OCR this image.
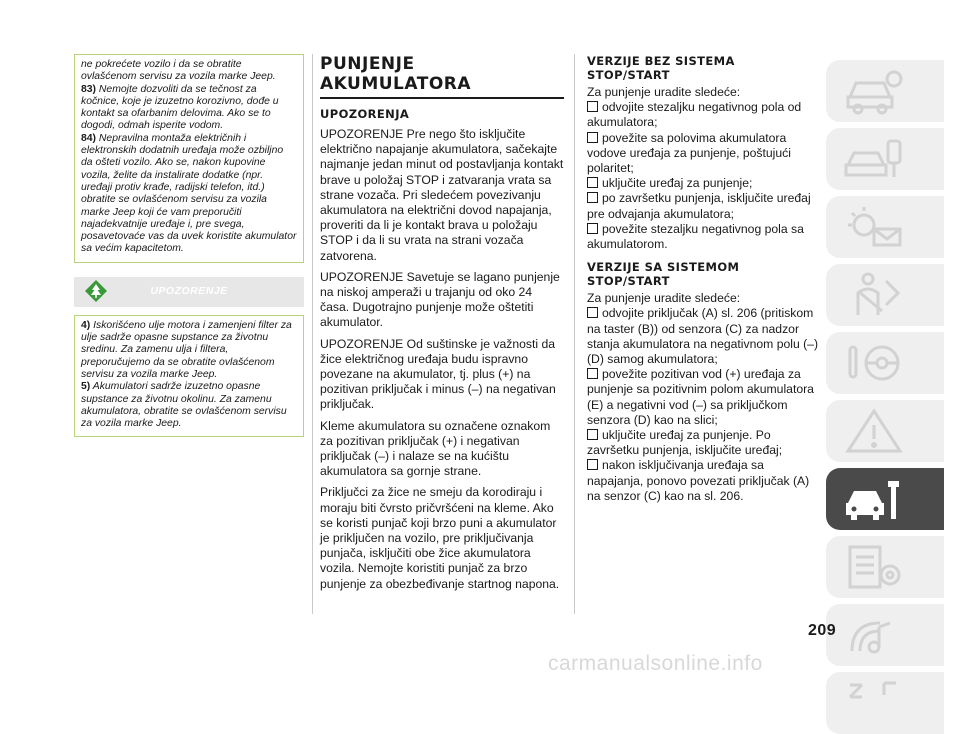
ne pokrećete vozilo i da se obratite ovlašćenom servisu za vozila marke Jeep.

83) Nemojte dozvoliti da se tečnost za kočnice, koje je izuzetno korozivno, dođe u kontakt sa ofarbanim delovima. Ako se to dogodi, odmah isperite vodom.

84) Nepravilna montaža električnih i elektronskih dodatnih uređaja može ozbiljno da ošteti vozilo. Ako se, nakon kupovine vozila, želite da instalirate dodatke (npr. uređaji protiv krađe, radijski telefon, itd.) obratite se ovlašćenom servisu za vozila marke Jeep koji će vam preporučiti najadekvatnije uređaje i, pre svega, posavetovaće vas da uvek koristite akumulator sa većim kapacitetom.

UPOZORENJE

4) Iskorišćeno ulje motora i zamenjeni filter za ulje sadrže opasne supstance za životnu sredinu. Za zamenu ulja i filtera, preporučujemo da se obratite ovlašćenom servisu za vozila marke Jeep.

5) Akumulatori sadrže izuzetno opasne supstance za životnu okolinu. Za zamenu akumulatora, obratite se ovlašćenom servisu za vozila marke Jeep.

PUNJENJE
AKUMULATORA
UPOZORENJA

UPOZORENJE Pre nego što isključite električno napajanje akumulatora, sačekajte najmanje jedan minut od postavljanja kontakt brave u položaj STOP i zatvaranja vrata sa strane vozača. Pri sledećem povezivanju akumulatora na električni dovod napajanja, proveriti da li je kontakt brava u položaju STOP i da li su vrata na strani vozača zatvorena.

UPOZORENJE Savetuje se lagano punjenje na niskoj amperaži u trajanju od oko 24 časa. Dugotrajno punjenje može oštetiti akumulator.

UPOZORENJE Od suštinske je važnosti da žice električnog uređaja budu ispravno povezane na akumulator, tj. plus (+) na pozitivan priključak i minus (–) na negativan priključak.

Kleme akumulatora su označene oznakom za pozitivan priključak (+) i negativan priključak (–) i nalaze se na kućištu akumulatora sa gornje strane.

Priključci za žice ne smeju da korodiraju i moraju biti čvrsto pričvršćeni na kleme. Ako se koristi punjač koji brzo puni a akumulator je priključen na vozilo, pre priključivanja punjača, isključiti obe žice akumulatora vozila. Nemojte koristiti punjač za brzo punjenje za obezbeđivanje startnog napona.

VERZIJE BEZ SISTEMA
STOP/START

Za punjenje uradite sledeće:

odvojite stezaljku negativnog pola od akumulatora;
povežite sa polovima akumulatora vodove uređaja za punjenje, poštujući polaritet;
uključite uređaj za punjenje;
po završetku punjenja, isključite uređaj pre odvajanja akumulatora;
povežite stezaljku negativnog pola sa akumulatorom.
VERZIJE SA SISTEMOM
STOP/START

Za punjenje uradite sledeće:

odvojite priključak (A) sl. 206 (pritiskom na taster (B)) od senzora (C) za nadzor stanja akumulatora na negativnom polu (–) (D) samog akumulatora;
povežite pozitivan vod (+) uređaja za punjenje sa pozitivnim polom akumulatora (E) a negativni vod (–) sa priključkom senzora (D) kao na slici;
uključite uređaj za punjenje. Po završetku punjenja, isključite uređaj;
nakon isključivanja uređaja sa napajanja, ponovo povezati priključak (A) na senzor (C) kao na sl. 206.
209
carmanualsonline.info
